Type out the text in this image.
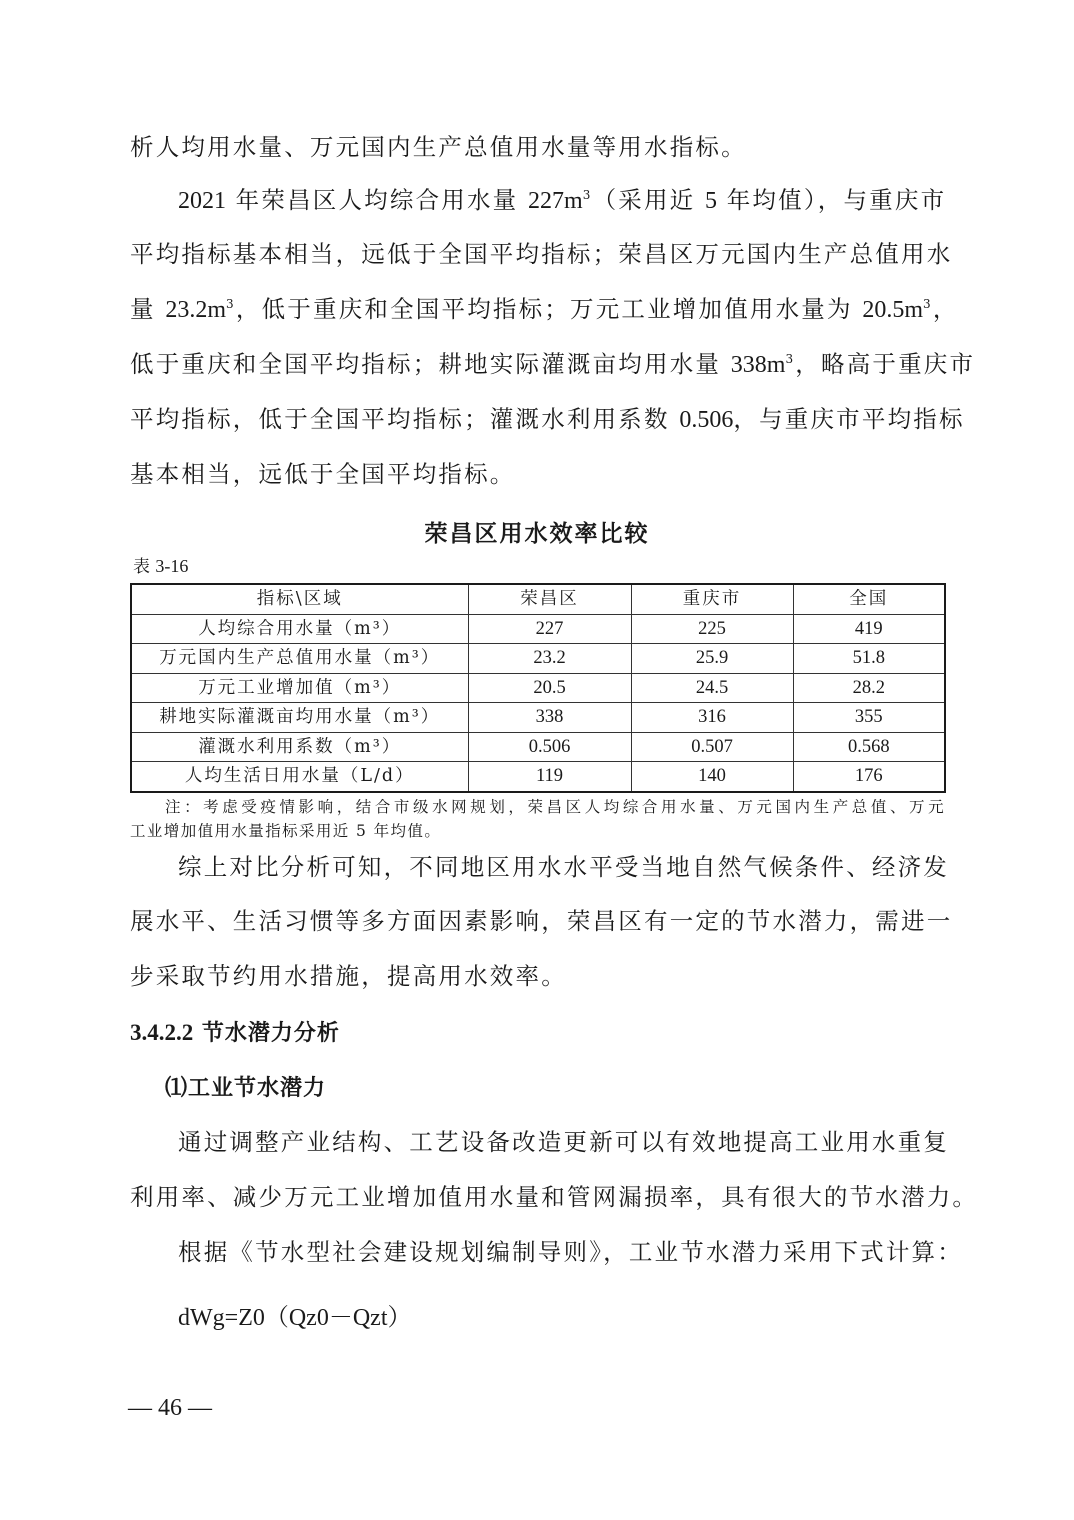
析人均用水量、万元国内生产总值用水量等用水指标。
2021 年荣昌区人均综合用水量 $227m^3$（采用近 5 年均值），与重庆市
平均指标基本相当，远低于全国平均指标；荣昌区万元国内生产总值用水
量 $23.2m^3$，低于重庆和全国平均指标；万元工业增加值用水量为 $20.5m^3$，
低于重庆和全国平均指标；耕地实际灌溉亩均用水量 $338m^3$，略高于重庆市
平均指标，低于全国平均指标；灌溉水利用系数 0.506，与重庆市平均指标
基本相当，远低于全国平均指标。
荣昌区用水效率比较
表 3-16
指标\区域	荣昌区	重庆市	全国
人均综合用水量（m³）	227	225	419
万元国内生产总值用水量（m³）	23.2	25.9	51.8
万元工业增加值（m³）	20.5	24.5	28.2
耕地实际灌溉亩均用水量（m³）	338	316	355
灌溉水利用系数（m³）	0.506	0.507	0.568
人均生活日用水量（L/d）	119	140	176
注：考虑受疫情影响，结合市级水网规划，荣昌区人均综合用水量、万元国内生产总值、万元
工业增加值用水量指标采用近 5 年均值。
综上对比分析可知，不同地区用水水平受当地自然气候条件、经济发
展水平、生活习惯等多方面因素影响，荣昌区有一定的节水潜力，需进一
步采取节约用水措施，提高用水效率。
3.4.2.2 节水潜力分析
⑴工业节水潜力
通过调整产业结构、工艺设备改造更新可以有效地提高工业用水重复
利用率、减少万元工业增加值用水量和管网漏损率，具有很大的节水潜力。
根据《节水型社会建设规划编制导则》，工业节水潜力采用下式计算：
dWg=Z0（Qz0－Qzt）
— 46 —
